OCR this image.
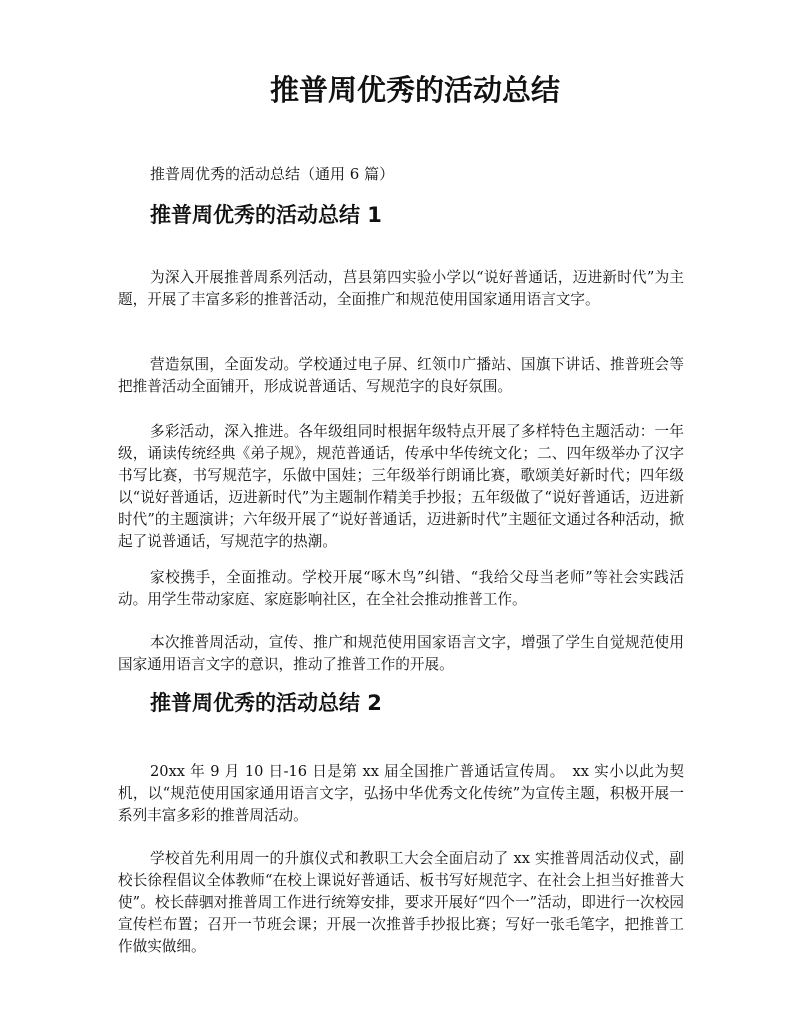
推普周优秀的活动总结

推普周优秀的活动总结（通用 6 篇）

推普周优秀的活动总结 1

为深入开展推普周系列活动，莒县第四实验小学以“说好普通话，迈进新时代”为主题，开展了丰富多彩的推普活动，全面推广和规范使用国家通用语言文字。

营造氛围，全面发动。学校通过电子屏、红领巾广播站、国旗下讲话、推普班会等把推普活动全面铺开，形成说普通话、写规范字的良好氛围。

多彩活动，深入推进。各年级组同时根据年级特点开展了多样特色主题活动：一年级，诵读传统经典《弟子规》，规范普通话，传承中华传统文化；二、四年级举办了汉字书写比赛，书写规范字，乐做中国娃；三年级举行朗诵比赛，歌颂美好新时代；四年级以“说好普通话，迈进新时代”为主题制作精美手抄报；五年级做了“说好普通话，迈进新时代”的主题演讲；六年级开展了“说好普通话，迈进新时代”主题征文通过各种活动，掀起了说普通话，写规范字的热潮。

家校携手，全面推动。学校开展“啄木鸟”纠错、“我给父母当老师”等社会实践活动。用学生带动家庭、家庭影响社区，在全社会推动推普工作。

本次推普周活动，宣传、推广和规范使用国家语言文字，增强了学生自觉规范使用国家通用语言文字的意识，推动了推普工作的开展。

推普周优秀的活动总结 2

20xx 年 9 月 10 日-16 日是第 xx 届全国推广普通话宣传周。　xx 实小以此为契机，以“规范使用国家通用语言文字，弘扬中华优秀文化传统”为宣传主题，积极开展一系列丰富多彩的推普周活动。

学校首先利用周一的升旗仪式和教职工大会全面启动了 xx 实推普周活动仪式，副校长徐程倡议全体教师“在校上课说好普通话、板书写好规范字、在社会上担当好推普大使”。校长薛驷对推普周工作进行统筹安排，要求开展好“四个一”活动，即进行一次校园宣传栏布置；召开一节班会课；开展一次推普手抄报比赛；写好一张毛笔字，把推普工作做实做细。
